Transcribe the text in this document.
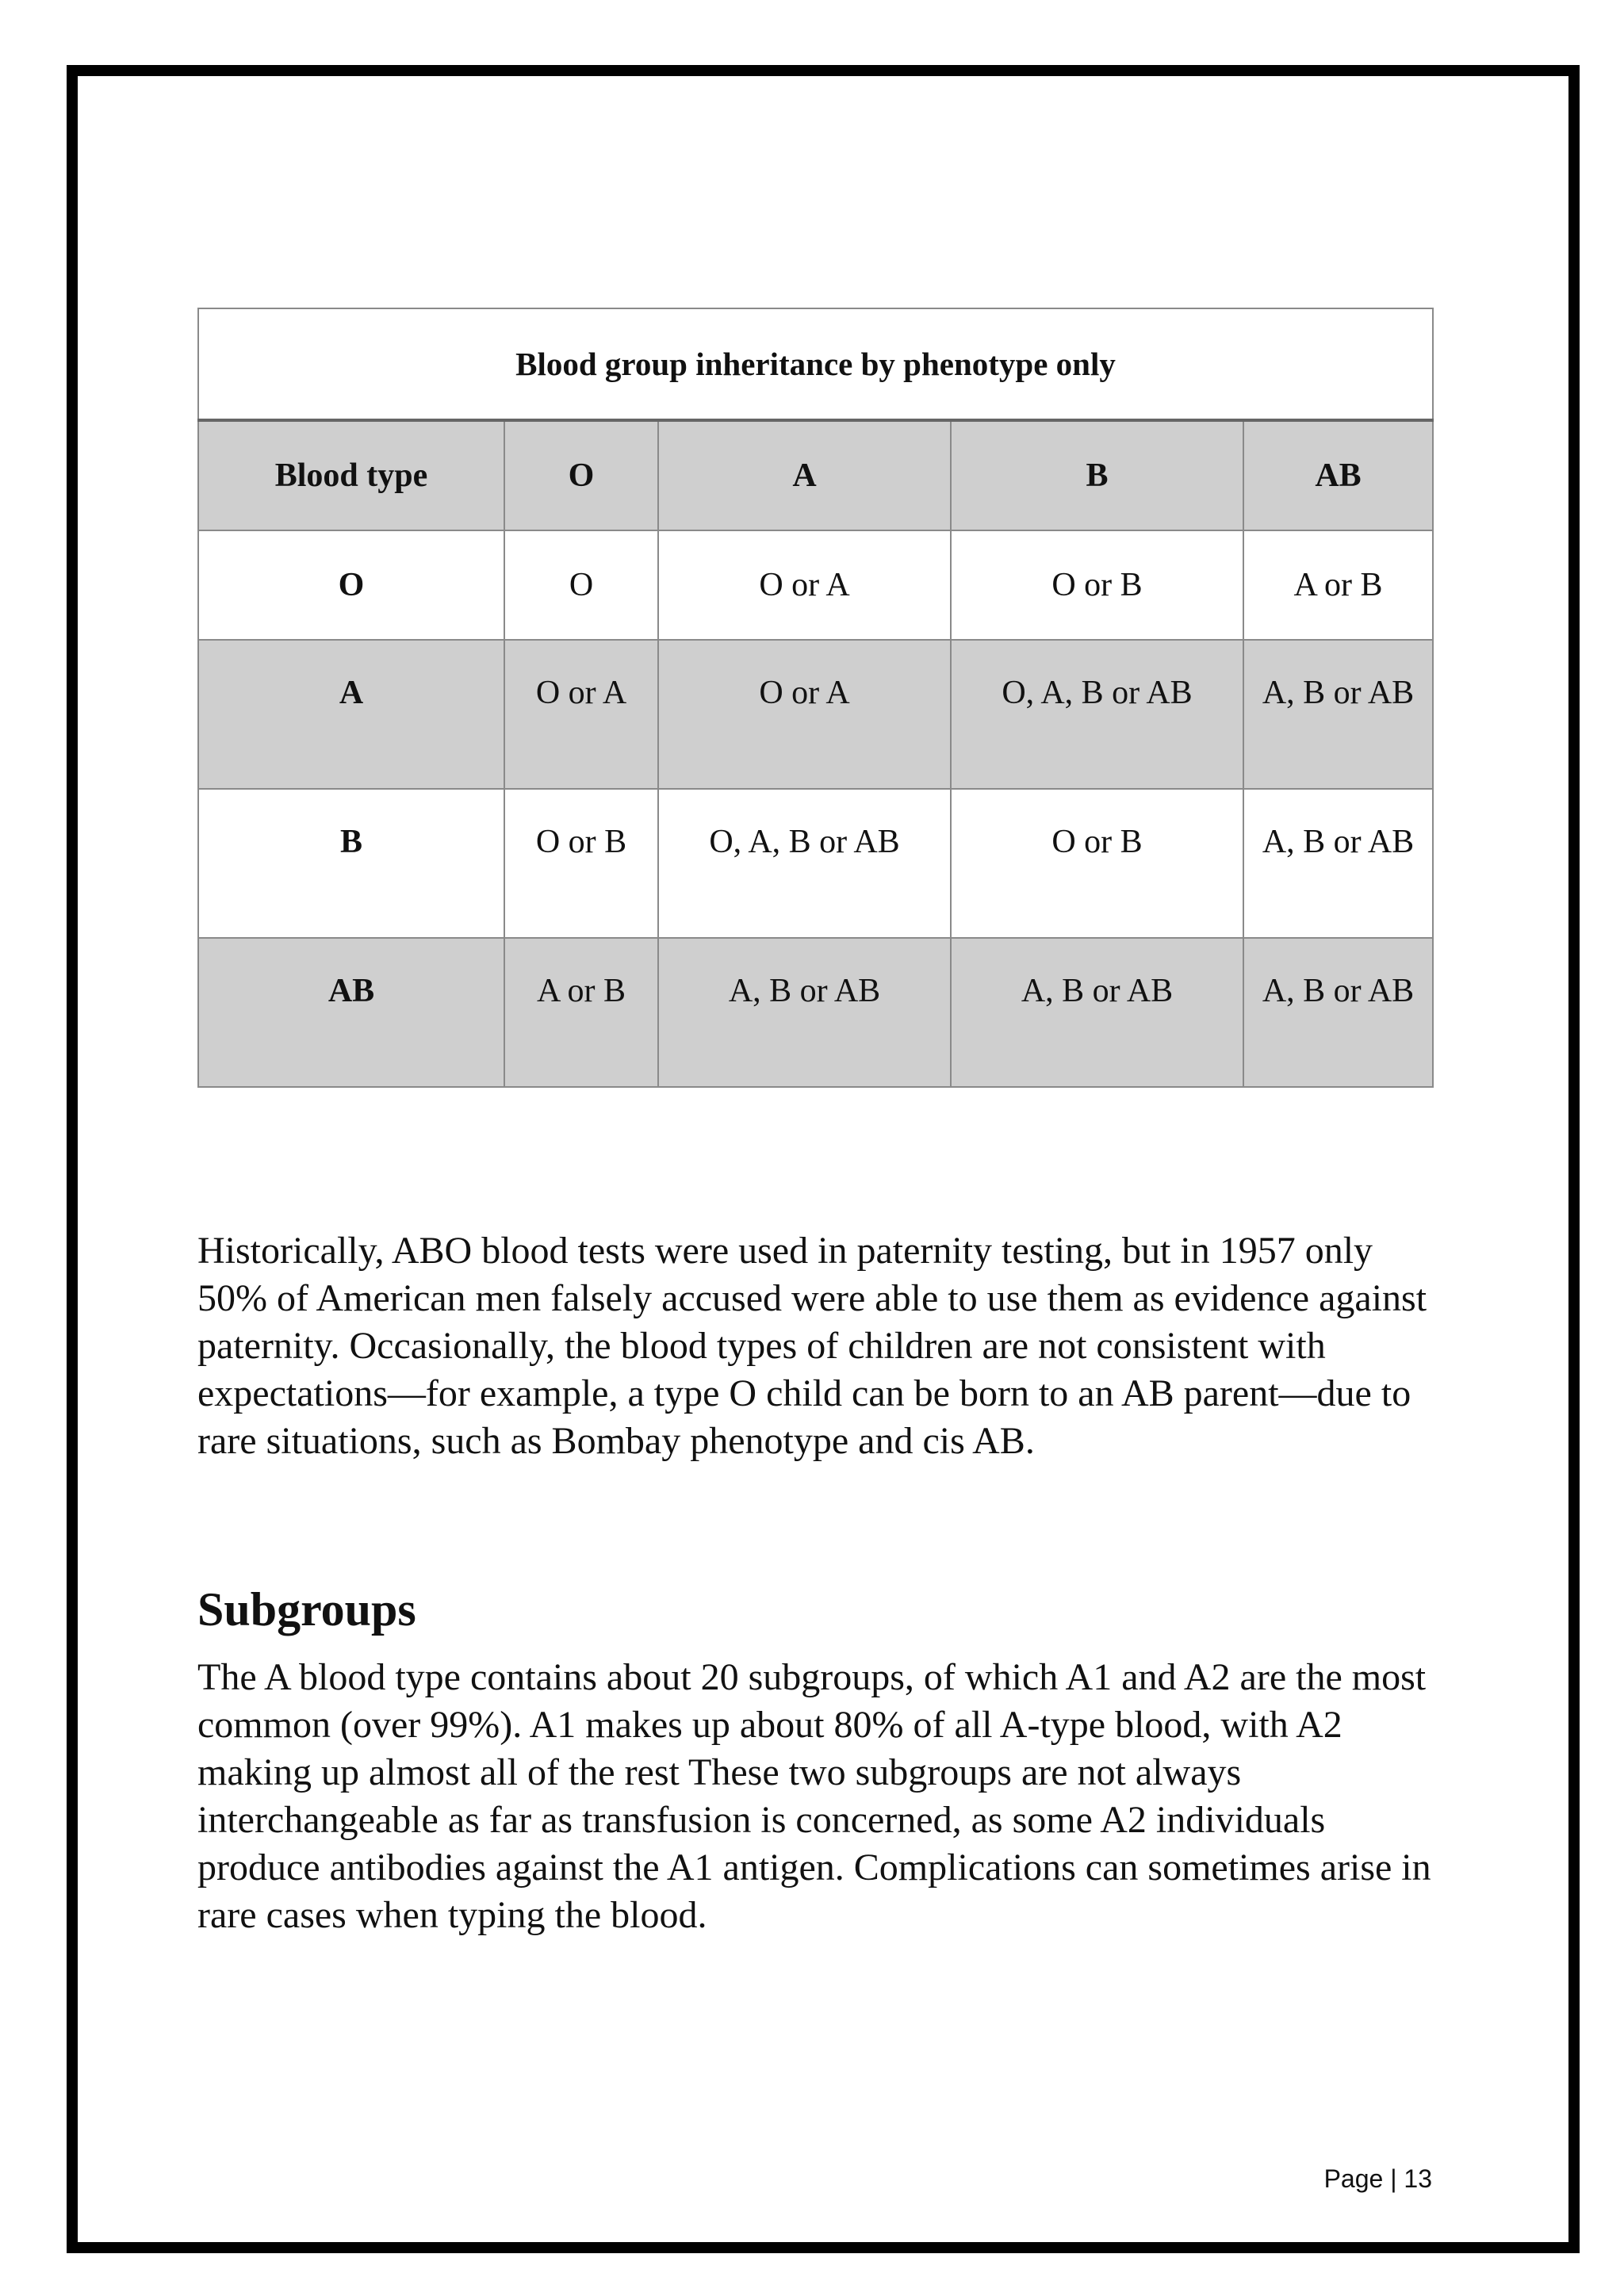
Blood group inheritance by phenotype only				
Blood type	O	A	B	AB
O	O	O or A	O or B	A or B
A	O or A	O or A	O, A, B or AB	A, B or AB
B	O or B	O, A, B or AB	O or B	A, B or AB
AB	A or B	A, B or AB	A, B or AB	A, B or AB

Historically, ABO blood tests were used in paternity testing, but in 1957 only 50% of American men falsely accused were able to use them as evidence against paternity. Occasionally, the blood types of children are not consistent with expectations—for example, a type O child can be born to an AB parent—due to rare situations, such as Bombay phenotype and cis AB.

Subgroups

The A blood type contains about 20 subgroups, of which A1 and A2 are the most common (over 99%). A1 makes up about 80% of all A-type blood, with A2 making up almost all of the rest These two subgroups are not always interchangeable as far as transfusion is concerned, as some A2 individuals produce antibodies against the A1 antigen. Complications can sometimes arise in rare cases when typing the blood.

Page | 13
